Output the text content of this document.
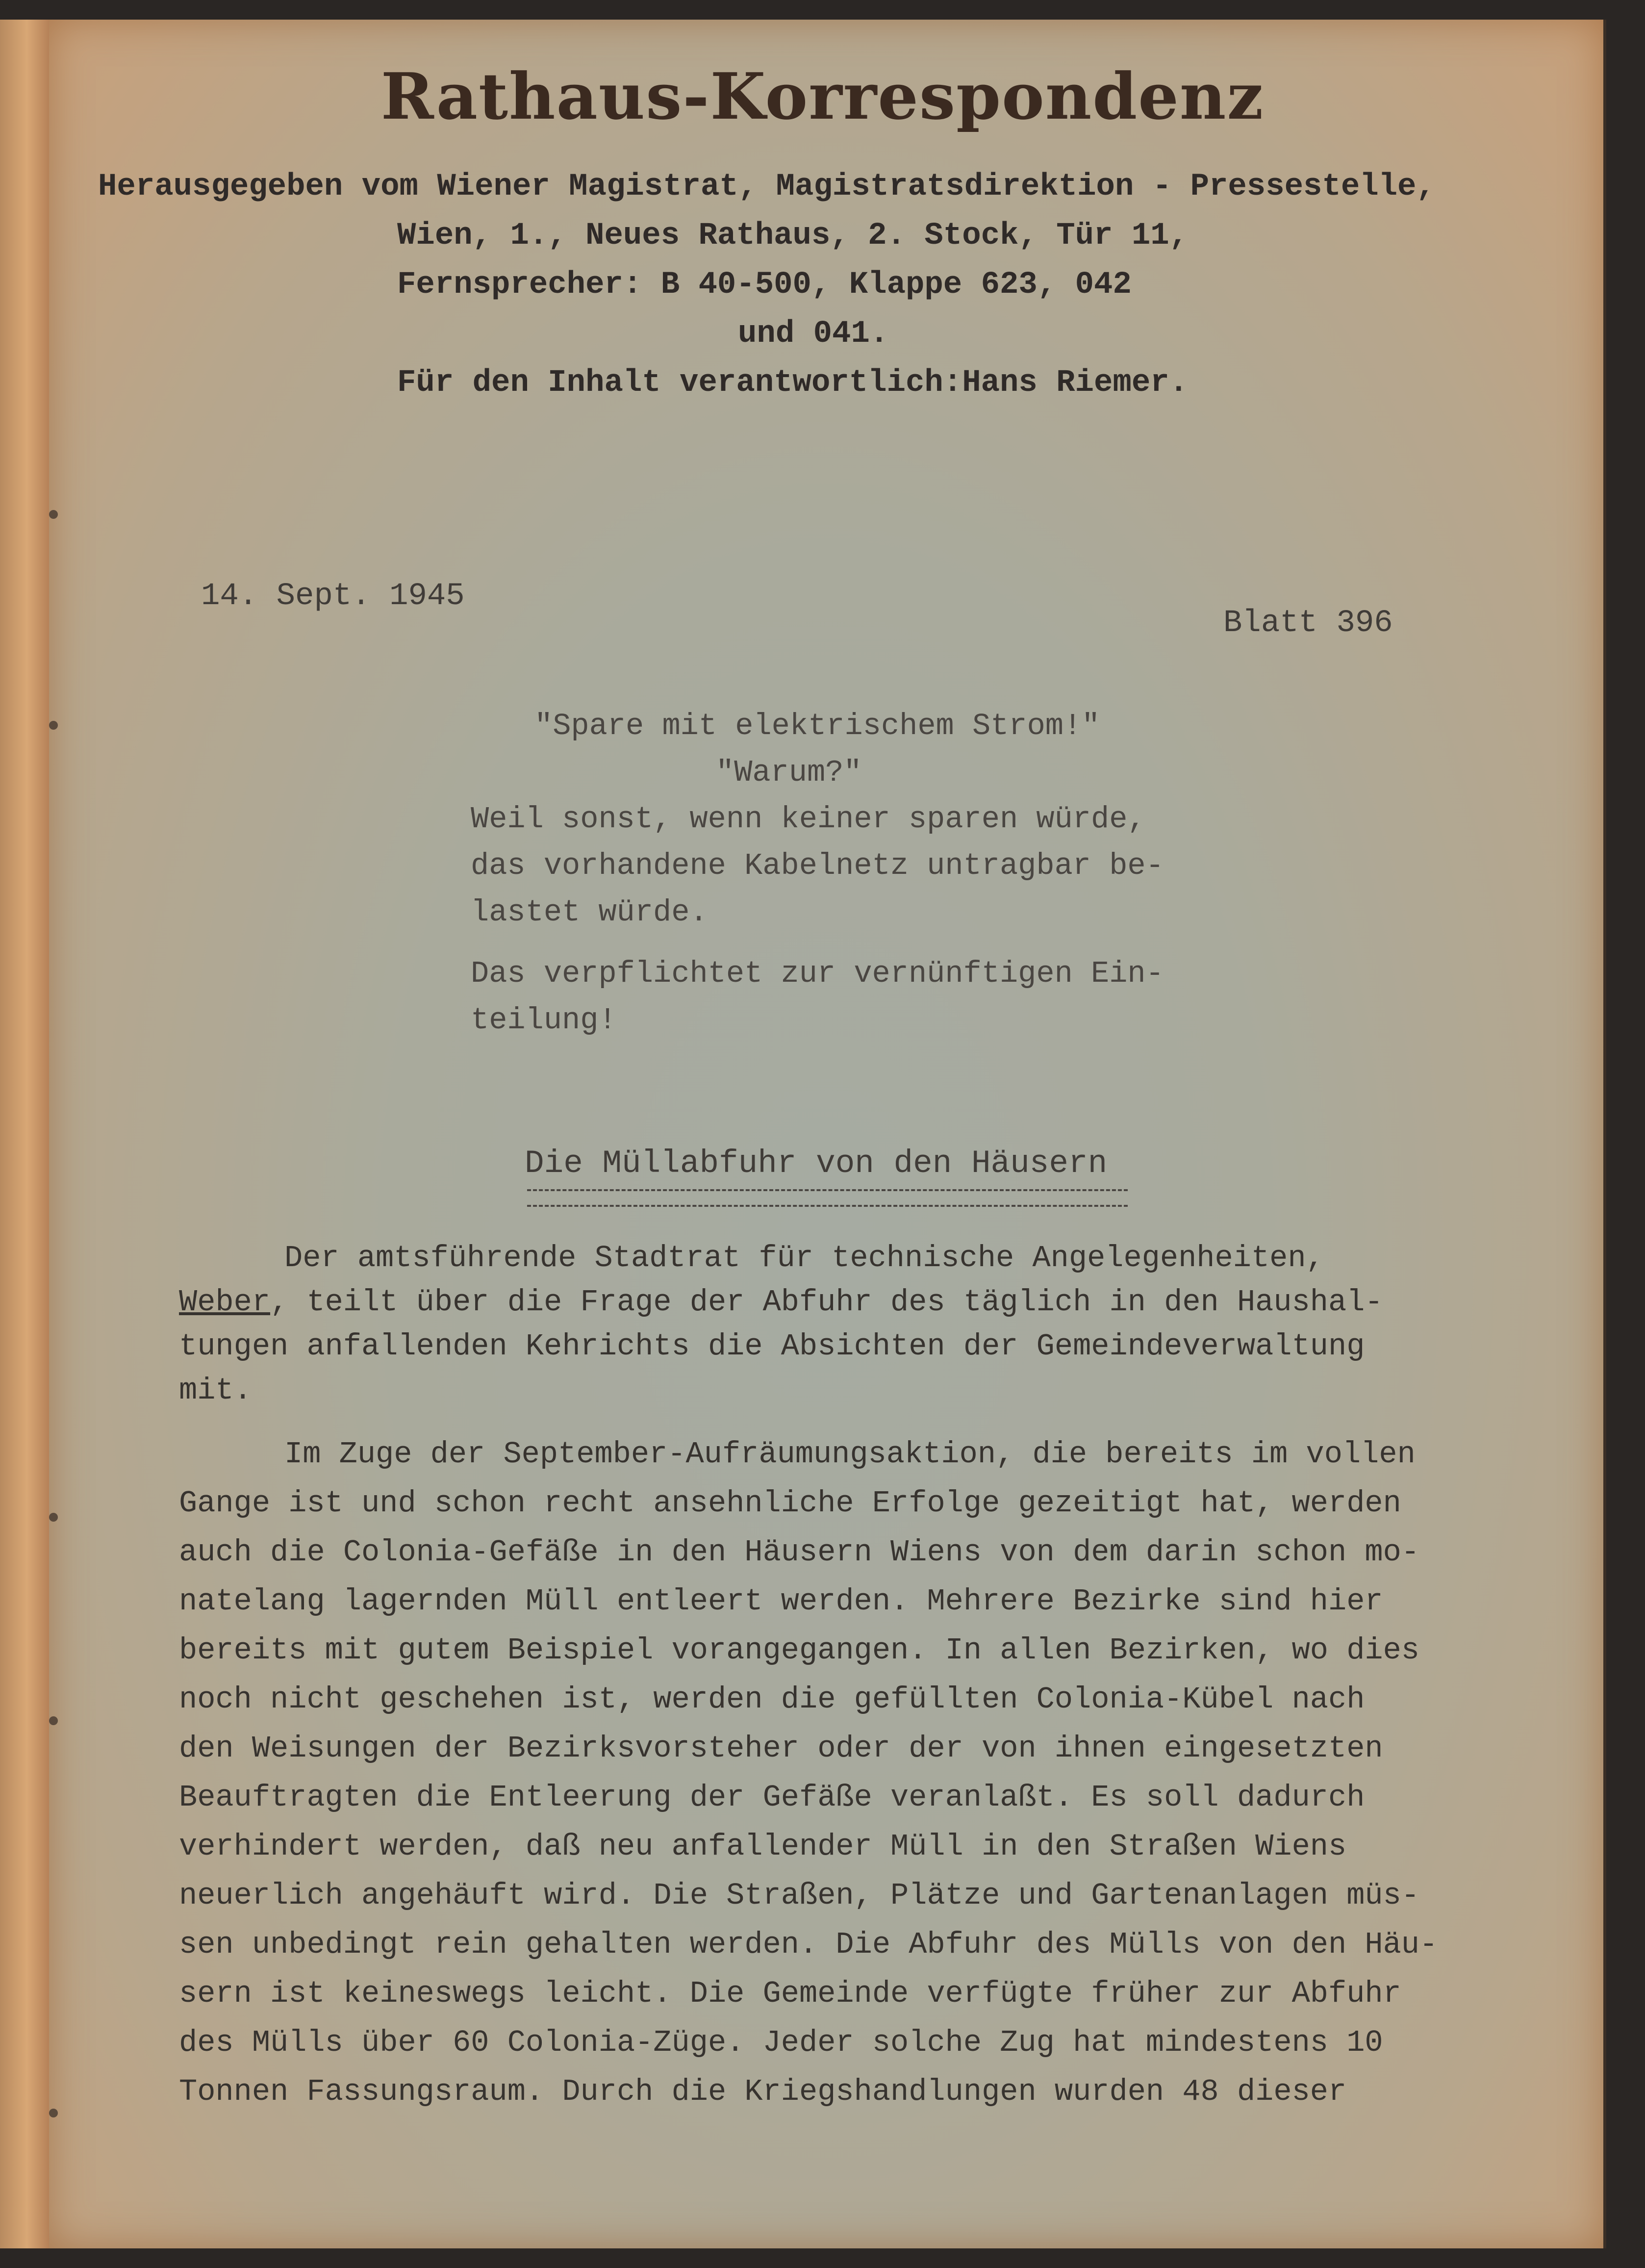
Rathaus-Korrespondenz
Herausgegeben vom Wiener Magistrat, Magistratsdirektion - Pressestelle,
Wien, 1., Neues Rathaus, 2. Stock, Tür 11,
Fernsprecher: B 40-500, Klappe 623, 042
und 041.
Für den Inhalt verantwortlich:Hans Riemer.
14. Sept. 1945
Blatt 396
"Spare mit elektrischem Strom!"
"Warum?"
Weil sonst, wenn keiner sparen würde,
das vorhandene Kabelnetz untragbar be-
lastet würde.
Das verpflichtet zur vernünftigen Ein-
teilung!
Die Müllabfuhr von den Häusern
Der amtsführende Stadtrat für technische Angelegenheiten,
Weber, teilt über die Frage der Abfuhr des täglich in den Haushal-
tungen anfallenden Kehrichts die Absichten der Gemeindeverwaltung
mit.
Im Zuge der September-Aufräumungsaktion, die bereits im vollen
Gange ist und schon recht ansehnliche Erfolge gezeitigt hat, werden
auch die Colonia-Gefäße in den Häusern Wiens von dem darin schon mo-
natelang lagernden Müll entleert werden. Mehrere Bezirke sind hier
bereits mit gutem Beispiel vorangegangen. In allen Bezirken, wo dies
noch nicht geschehen ist, werden die gefüllten Colonia-Kübel nach
den Weisungen der Bezirksvorsteher oder der von ihnen eingesetzten
Beauftragten die Entleerung der Gefäße veranlaßt. Es soll dadurch
verhindert werden, daß neu anfallender Müll in den Straßen Wiens
neuerlich angehäuft wird. Die Straßen, Plätze und Gartenanlagen müs-
sen unbedingt rein gehalten werden. Die Abfuhr des Mülls von den Häu-
sern ist keineswegs leicht. Die Gemeinde verfügte früher zur Abfuhr
des Mülls über 60 Colonia-Züge. Jeder solche Zug hat mindestens 10
Tonnen Fassungsraum. Durch die Kriegshandlungen wurden 48 dieser
